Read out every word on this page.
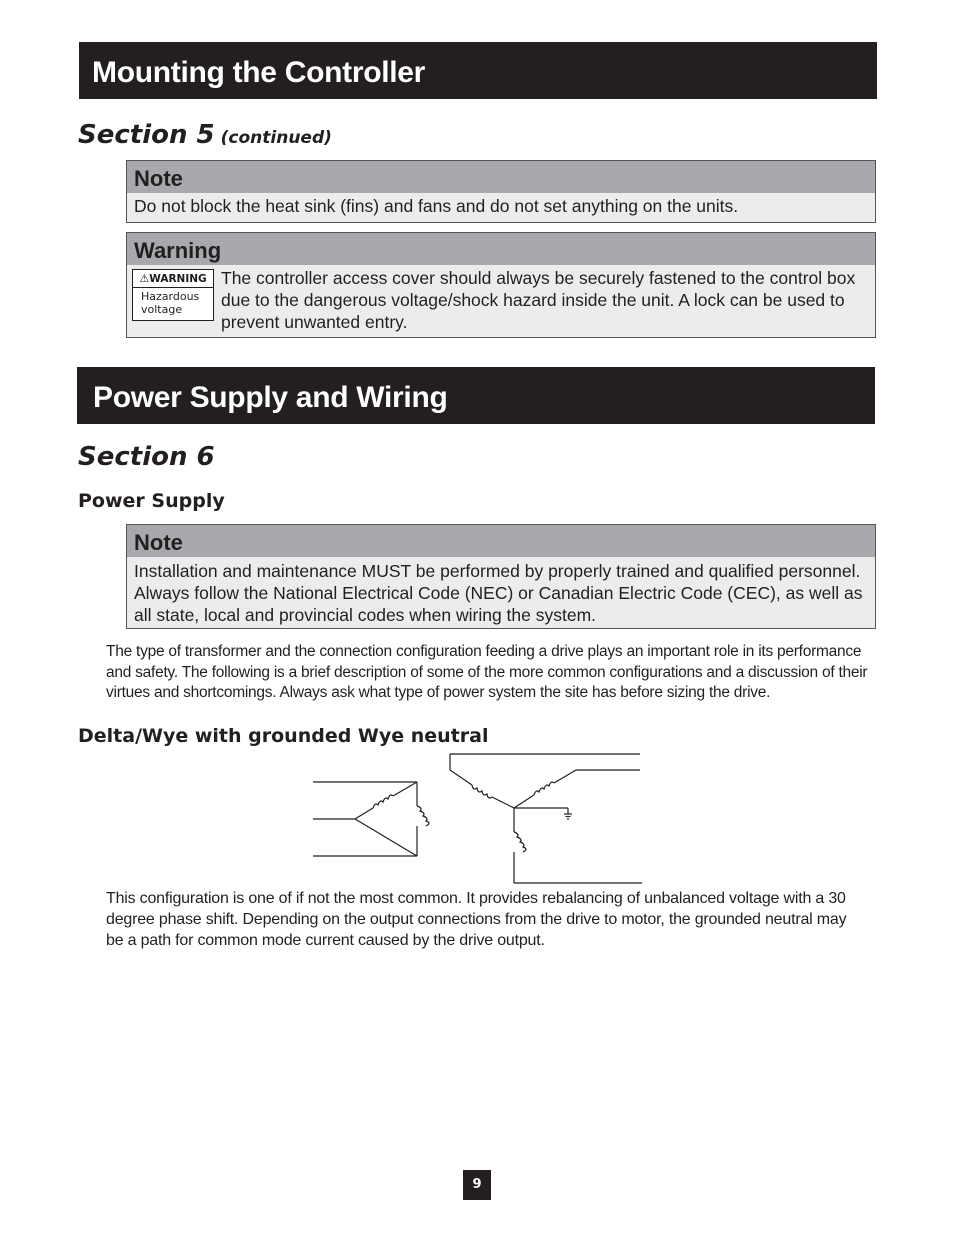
Mounting the Controller
Section 5 (continued)
Note
Do not block the heat sink (fins) and fans and do not set anything on the units.
Warning
⚠WARNING
Hazardous voltage
The controller access cover should always be securely fastened to the control box due to the dangerous voltage/shock hazard inside the unit. A lock can be used to prevent unwanted entry.
Power Supply and Wiring
Section 6
Power Supply
Note
Installation and maintenance MUST be performed by properly trained and qualified personnel. Always follow the National Electrical Code (NEC) or Canadian Electric Code (CEC), as well as all state, local and provincial codes when wiring the system.

The type of transformer and the connection configuration feeding a drive plays an important role in its performance and safety. The following is a brief description of some of the more common configurations and a discussion of their virtues and shortcomings. Always ask what type of power system the site has before sizing the drive.

Delta/Wye with grounded Wye neutral

This configuration is one of if not the most common. It provides rebalancing of unbalanced voltage with a 30 degree phase shift. Depending on the output connections from the drive to motor, the grounded neutral may be a path for common mode current caused by the drive output.

9
